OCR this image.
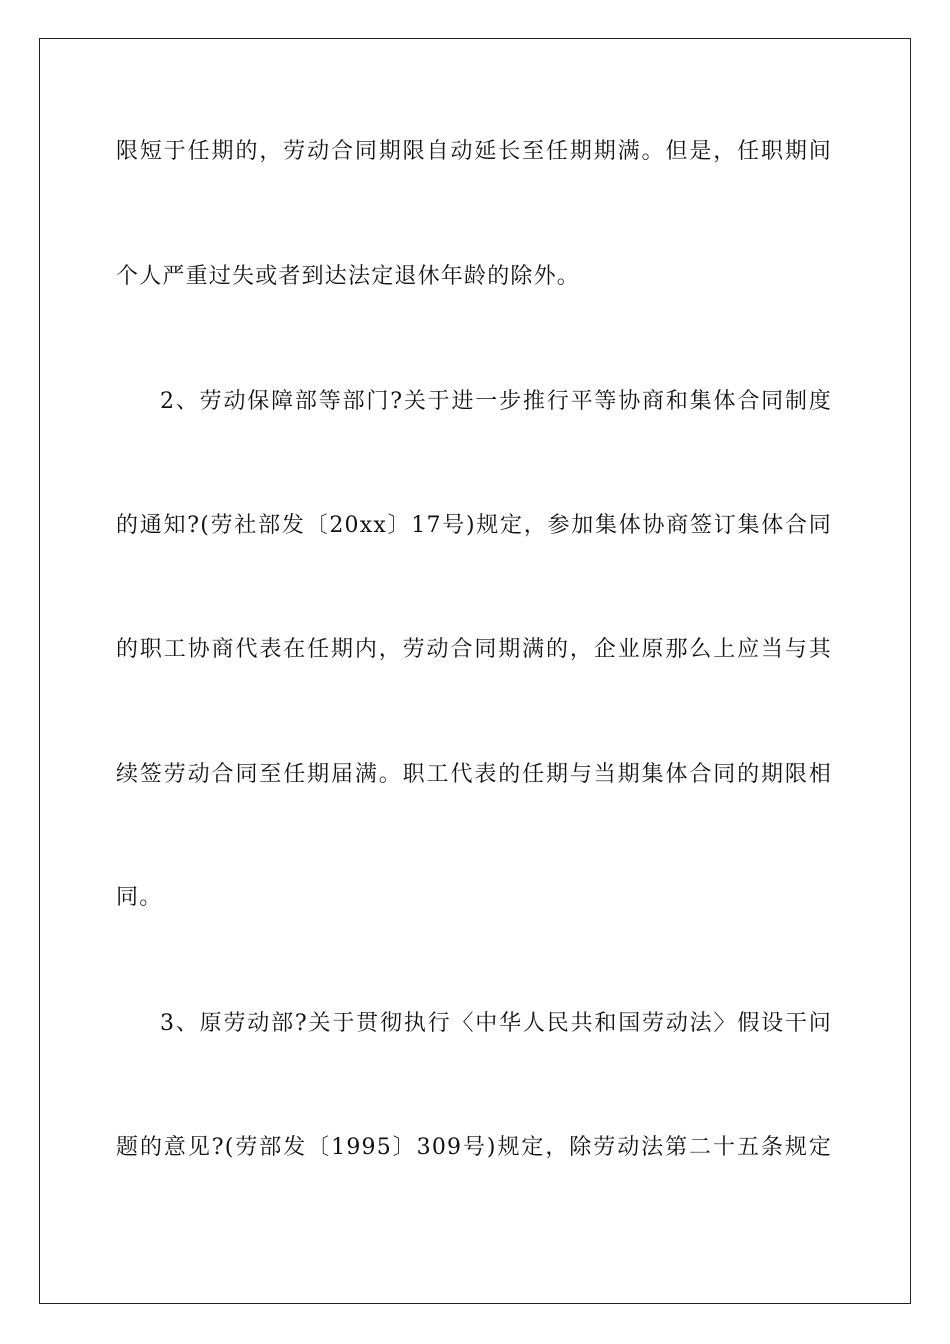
限短于任期的，劳动合同期限自动延长至任期期满。但是，任职期间
个人严重过失或者到达法定退休年龄的除外。
2、劳动保障部等部门?关于进一步推行平等协商和集体合同制度
的通知?(劳社部发〔20xx〕17号)规定，参加集体协商签订集体合同
的职工协商代表在任期内，劳动合同期满的，企业原那么上应当与其
续签劳动合同至任期届满。职工代表的任期与当期集体合同的期限相
同。
3、原劳动部?关于贯彻执行〈中华人民共和国劳动法〉假设干问
题的意见?(劳部发〔1995〕309号)规定，除劳动法第二十五条规定
